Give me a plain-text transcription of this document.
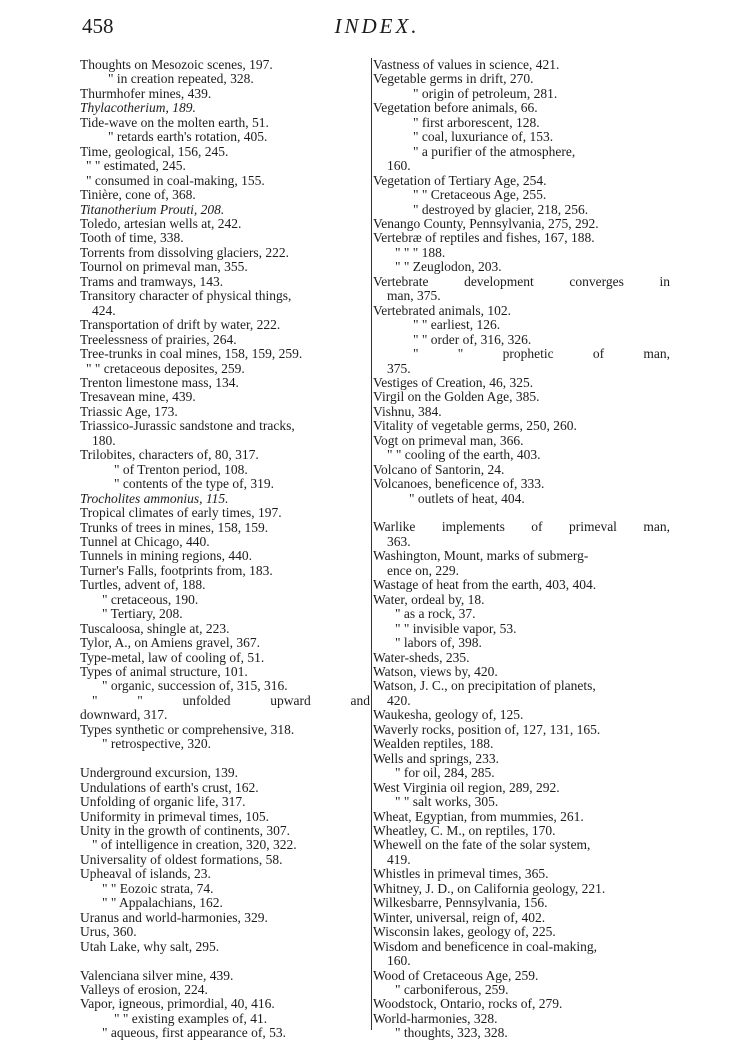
458	INDEX.
Thoughts on Mesozoic scenes, 197.
" in creation repeated, 328.
Thurmhofer mines, 439.
Thylacotherium, 189.
Tide-wave on the molten earth, 51.
" retards earth's rotation, 405.
Time, geological, 156, 245.
" " estimated, 245.
" consumed in coal-making, 155.
Tinière, cone of, 368.
Titanotherium Prouti, 208.
Toledo, artesian wells at, 242.
Tooth of time, 338.
Torrents from dissolving glaciers, 222.
Tournol on primeval man, 355.
Trams and tramways, 143.
Transitory character of physical things,
424.
Transportation of drift by water, 222.
Treelessness of prairies, 264.
Tree-trunks in coal mines, 158, 159, 259.
" " cretaceous deposites, 259.
Trenton limestone mass, 134.
Tresavean mine, 439.
Triassic Age, 173.
Triassico-Jurassic sandstone and tracks,
180.
Trilobites, characters of, 80, 317.
" of Trenton period, 108.
" contents of the type of, 319.
Trocholites ammonius, 115.
Tropical climates of early times, 197.
Trunks of trees in mines, 158, 159.
Tunnel at Chicago, 440.
Tunnels in mining regions, 440.
Turner's Falls, footprints from, 183.
Turtles, advent of, 188.
" cretaceous, 190.
" Tertiary, 208.
Tuscaloosa, shingle at, 223.
Tylor, A., on Amiens gravel, 367.
Type-metal, law of cooling of, 51.
Types of animal structure, 101.
" organic, succession of, 315, 316.
" " unfolded upward and
downward, 317.
Types synthetic or comprehensive, 318.
" retrospective, 320.
Underground excursion, 139.
Undulations of earth's crust, 162.
Unfolding of organic life, 317.
Uniformity in primeval times, 105.
Unity in the growth of continents, 307.
" of intelligence in creation, 320, 322.
Universality of oldest formations, 58.
Upheaval of islands, 23.
" " Eozoic strata, 74.
" " Appalachians, 162.
Uranus and world-harmonies, 329.
Urus, 360.
Utah Lake, why salt, 295.
Valenciana silver mine, 439.
Valleys of erosion, 224.
Vapor, igneous, primordial, 40, 416.
" " existing examples of, 41.
" aqueous, first appearance of, 53.
Vastness of values in science, 421.
Vegetable germs in drift, 270.
" origin of petroleum, 281.
Vegetation before animals, 66.
" first arborescent, 128.
" coal, luxuriance of, 153.
" a purifier of the atmosphere,
160.
Vegetation of Tertiary Age, 254.
" " Cretaceous Age, 255.
" destroyed by glacier, 218, 256.
Venango County, Pennsylvania, 275, 292.
Vertebræ of reptiles and fishes, 167, 188.
" " " 188.
" " Zeuglodon, 203.
Vertebrate development converges in
man, 375.
Vertebrated animals, 102.
" " earliest, 126.
" " order of, 316, 326.
" " prophetic of man,
375.
Vestiges of Creation, 46, 325.
Virgil on the Golden Age, 385.
Vishnu, 384.
Vitality of vegetable germs, 250, 260.
Vogt on primeval man, 366.
" " cooling of the earth, 403.
Volcano of Santorin, 24.
Volcanoes, beneficence of, 333.
" outlets of heat, 404.
Warlike implements of primeval man,
363.
Washington, Mount, marks of submerg-
ence on, 229.
Wastage of heat from the earth, 403, 404.
Water, ordeal by, 18.
" as a rock, 37.
" " invisible vapor, 53.
" labors of, 398.
Water-sheds, 235.
Watson, views by, 420.
Watson, J. C., on precipitation of planets,
420.
Waukesha, geology of, 125.
Waverly rocks, position of, 127, 131, 165.
Wealden reptiles, 188.
Wells and springs, 233.
" for oil, 284, 285.
West Virginia oil region, 289, 292.
" " salt works, 305.
Wheat, Egyptian, from mummies, 261.
Wheatley, C. M., on reptiles, 170.
Whewell on the fate of the solar system,
419.
Whistles in primeval times, 365.
Whitney, J. D., on California geology, 221.
Wilkesbarre, Pennsylvania, 156.
Winter, universal, reign of, 402.
Wisconsin lakes, geology of, 225.
Wisdom and beneficence in coal-making,
160.
Wood of Cretaceous Age, 259.
" carboniferous, 259.
Woodstock, Ontario, rocks of, 279.
World-harmonies, 328.
" thoughts, 323, 328.
